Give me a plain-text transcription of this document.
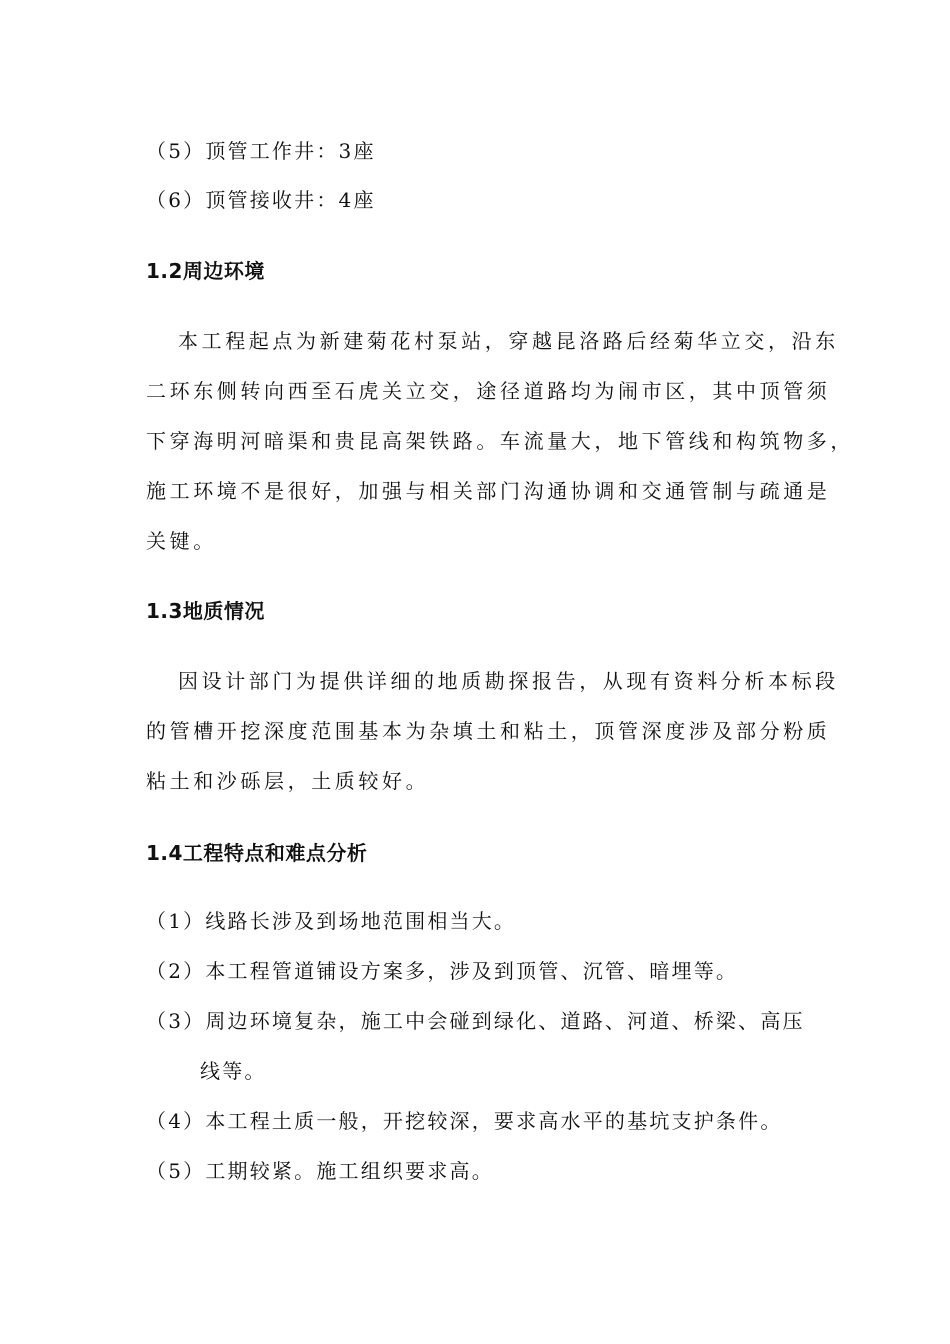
（5）顶管工作井：3座
（6）顶管接收井：4座
1.2周边环境
本工程起点为新建菊花村泵站，穿越昆洛路后经菊华立交，沿东
二环东侧转向西至石虎关立交，途径道路均为闹市区，其中顶管须
下穿海明河暗渠和贵昆高架铁路。车流量大，地下管线和构筑物多，
施工环境不是很好，加强与相关部门沟通协调和交通管制与疏通是
关键。
1.3地质情况
因设计部门为提供详细的地质勘探报告，从现有资料分析本标段
的管槽开挖深度范围基本为杂填土和粘土，顶管深度涉及部分粉质
粘土和沙砾层，土质较好。
1.4工程特点和难点分析
（1）线路长涉及到场地范围相当大。
（2）本工程管道铺设方案多，涉及到顶管、沉管、暗埋等。
（3）周边环境复杂，施工中会碰到绿化、道路、河道、桥梁、高压
线等。
（4）本工程土质一般，开挖较深，要求高水平的基坑支护条件。
（5）工期较紧。施工组织要求高。
